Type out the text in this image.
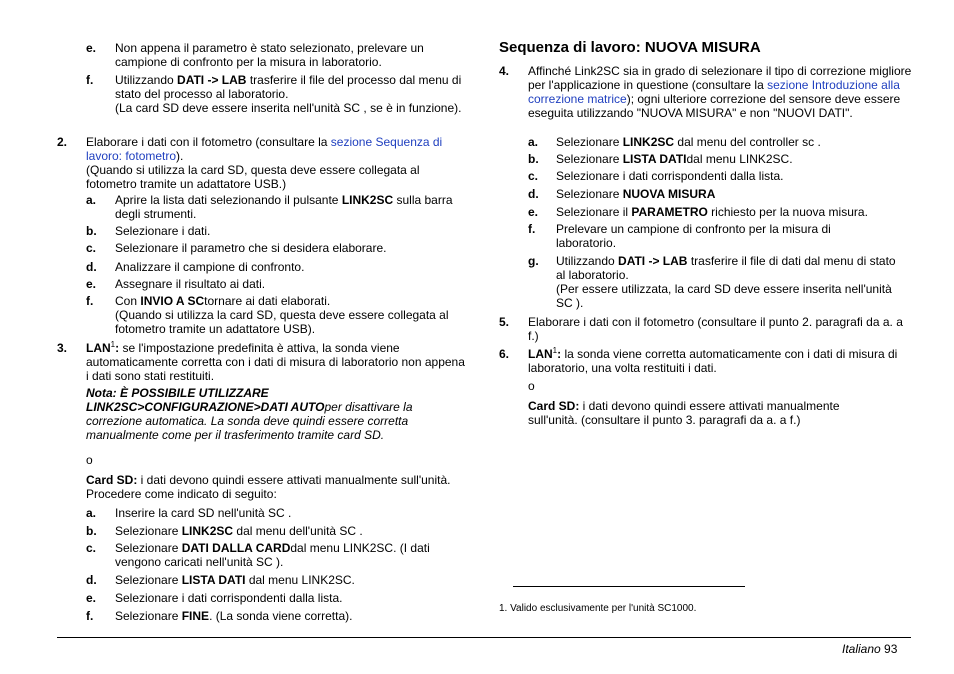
e. Non appena il parametro è stato selezionato, prelevare un campione di confronto per la misura in laboratorio.
f. Utilizzando DATI -> LAB trasferire il file del processo dal menu di stato del processo al laboratorio.
(La card SD deve essere inserita nell'unità SC , se è in funzione).
2. Elaborare i dati con il fotometro (consultare la sezione Sequenza di lavoro: fotometro).
(Quando si utilizza la card SD, questa deve essere collegata al fotometro tramite un adattatore USB.)
a. Aprire la lista dati selezionando il pulsante LINK2SC sulla barra degli strumenti.
b. Selezionare i dati.
c. Selezionare il parametro che si desidera elaborare.
d. Analizzare il campione di confronto.
e. Assegnare il risultato ai dati.
f. Con INVIO A SCtornare ai dati elaborati.
(Quando si utilizza la card SD, questa deve essere collegata al fotometro tramite un adattatore USB).
3. LAN$^1$: se l'impostazione predefinita è attiva, la sonda viene automaticamente corretta con i dati di misura di laboratorio non appena i dati sono stati restituiti.
Nota: È POSSIBILE UTILIZZARE LINK2SC>CONFIGURAZIONE>DATI AUTOper disattivare la correzione automatica. La sonda deve quindi essere corretta manualmente come per il trasferimento tramite card SD.
o
Card SD: i dati devono quindi essere attivati manualmente sull'unità. Procedere come indicato di seguito:
a. Inserire la card SD nell'unità SC .
b. Selezionare LINK2SC dal menu dell'unità SC .
c. Selezionare DATI DALLA CARDdal menu LINK2SC. (I dati vengono caricati nell'unità SC ).
d. Selezionare LISTA DATI dal menu LINK2SC.
e. Selezionare i dati corrispondenti dalla lista.
f. Selezionare FINE. (La sonda viene corretta).
Sequenza di lavoro: NUOVA MISURA
4. Affinché Link2SC sia in grado di selezionare il tipo di correzione migliore per l'applicazione in questione (consultare la sezione Introduzione alla correzione matrice); ogni ulteriore correzione del sensore deve essere eseguita utilizzando "NUOVA MISURA" e non "NUOVI DATI".
a. Selezionare LINK2SC dal menu del controller sc .
b. Selezionare LISTA DATIdal menu LINK2SC.
c. Selezionare i dati corrispondenti dalla lista.
d. Selezionare NUOVA MISURA
e. Selezionare il PARAMETRO richiesto per la nuova misura.
f. Prelevare un campione di confronto per la misura di laboratorio.
g. Utilizzando DATI -> LAB trasferire il file di dati dal menu di stato al laboratorio.
(Per essere utilizzata, la card SD deve essere inserita nell'unità SC ).
5. Elaborare i dati con il fotometro (consultare il punto 2. paragrafi da a. a f.)
6. LAN$^1$: la sonda viene corretta automaticamente con i dati di misura di laboratorio, una volta restituiti i dati.
o
Card SD: i dati devono quindi essere attivati manualmente sull'unità. (consultare il punto 3. paragrafi da a. a f.)
1. Valido esclusivamente per l'unità SC1000.
Italiano 93
